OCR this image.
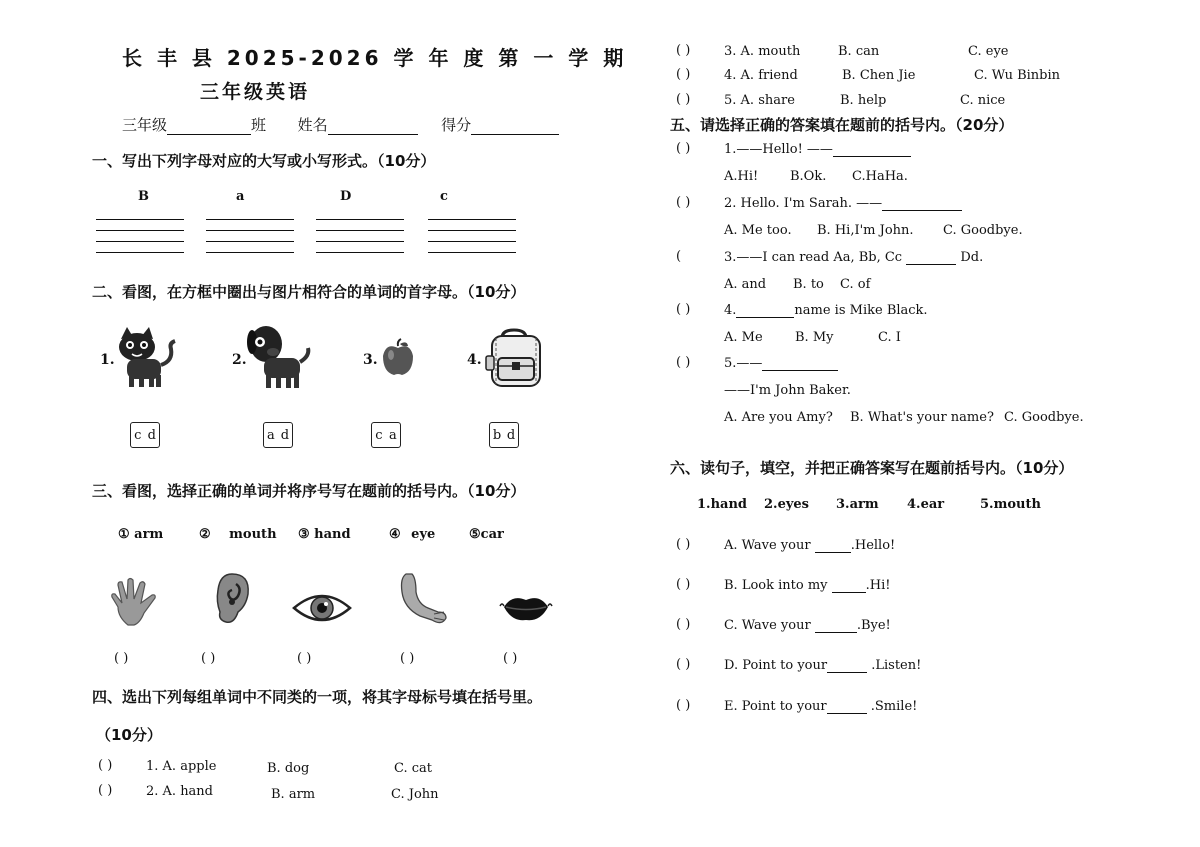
长 丰 县 2025-2026 学 年 度 第 一 学 期
三年级英语
三年级	班 姓名	得分
一、写出下列字母对应的大写或小写形式。（10分）
B	a	D	c
二、看图，在方框中圈出与图片相符合的单词的首字母。（10分）
1.
c d
2.
a d
3.
c a
4.
b d
三、看图，选择正确的单词并将序号写在题前的括号内。（10分）
① arm	② mouth ③ hand	④ eye	⑤car
( )	( )	( )	( )	( )
四、选出下列每组单词中不同类的一项，将其字母标号填在括号里。
（10分）
( )	1. A. apple	B. dog	C. cat
( )	2. A. hand	B. arm	C. John
( )	3. A. mouth	B. can	C. eye
( )	4. A. friend	B. Chen Jie	C. Wu Binbin
( )	5. A. share	B. help	C. nice
五、请选择正确的答案填在题前的括号内。（20分）
( )	1.——Hello! ——
A.Hi! B.Ok. C.HaHa.
( )	2. Hello. I'm Sarah. ——
A. Me too. B. Hi,I'm John. C. Goodbye.
(	3.——I can read Aa, Bb, Cc	Dd.
A. and B. to C. of
( )	4.	name is Mike Black.
A. Me B. My	C. I
( )	5.——
——I'm John Baker.
A. Are you Amy? B. What's your name? C. Goodbye.
六、读句子，填空，并把正确答案写在题前括号内。（10分）
1.hand 2.eyes 3.arm 4.ear	5.mouth
( )	A. Wave your	.Hello!
( )	B. Look into my	.Hi!
( )	C. Wave your	.Bye!
( )	D. Point to your	.Listen!
( )	E. Point to your	.Smile!
